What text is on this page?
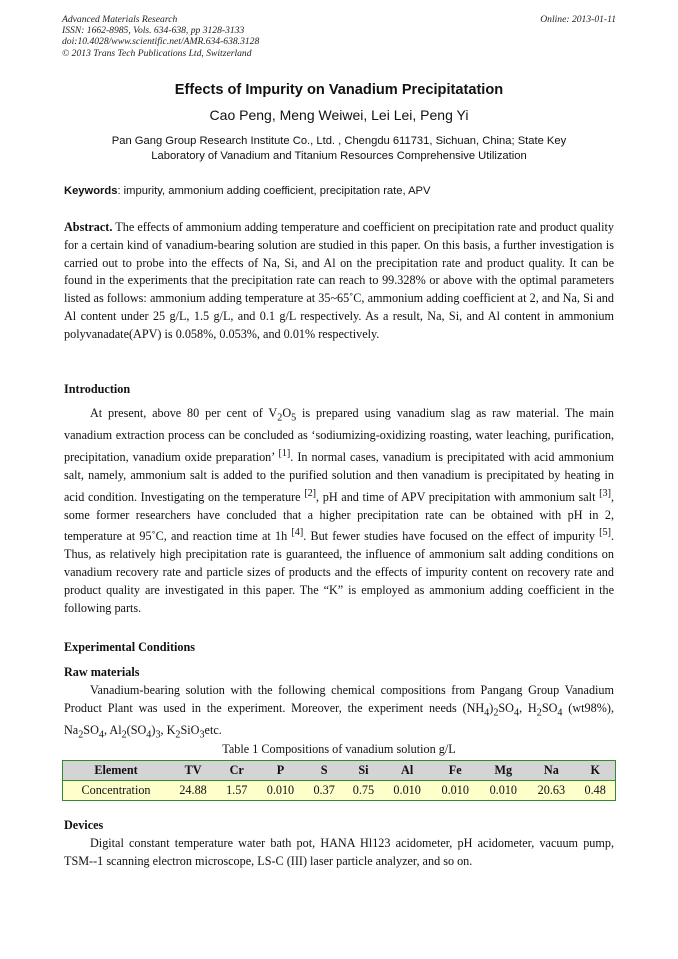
Advanced Materials Research
ISSN: 1662-8985, Vols. 634-638, pp 3128-3133
doi:10.4028/www.scientific.net/AMR.634-638.3128
© 2013 Trans Tech Publications Ltd, Switzerland
Online: 2013-01-11
Effects of Impurity on Vanadium Precipitatation
Cao Peng, Meng Weiwei, Lei Lei, Peng Yi
Pan Gang Group Research Institute Co., Ltd. , Chengdu 611731, Sichuan, China; State Key
Laboratory of Vanadium and Titanium Resources Comprehensive Utilization
Keywords: impurity, ammonium adding coefficient, precipitation rate, APV
Abstract. The effects of ammonium adding temperature and coefficient on precipitation rate and product quality for a certain kind of vanadium-bearing solution are studied in this paper. On this basis, a further investigation is carried out to probe into the effects of Na, Si, and Al on the precipitation rate and product quality. It can be found in the experiments that the precipitation rate can reach to 99.328% or above with the optimal parameters listed as follows: ammonium adding temperature at 35~65˚C, ammonium adding coefficient at 2, and Na, Si and Al content under 25 g/L, 1.5 g/L, and 0.1 g/L respectively. As a result, Na, Si, and Al content in ammonium polyvanadate(APV) is 0.058%, 0.053%, and 0.01% respectively.
Introduction
At present, above 80 per cent of $V_2O_5$ is prepared using vanadium slag as raw material. The main vanadium extraction process can be concluded as ‘sodiumizing-oxidizing roasting, water leaching, purification, precipitation, vanadium oxide preparation’ [1]. In normal cases, vanadium is precipitated with acid ammonium salt, namely, ammonium salt is added to the purified solution and then vanadium is precipitated by heating in acid condition. Investigating on the temperature [2], pH and time of APV precipitation with ammonium salt [3], some former researchers have concluded that a higher precipitation rate can be obtained with pH in 2, temperature at 95˚C, and reaction time at 1h [4]. But fewer studies have focused on the effect of impurity [5]. Thus, as relatively high precipitation rate is guaranteed, the influence of ammonium salt adding conditions on vanadium recovery rate and particle sizes of products and the effects of impurity content on recovery rate and product quality are investigated in this paper. The “K” is employed as ammonium adding coefficient in the following parts.
Experimental Conditions
Raw materials
Vanadium-bearing solution with the following chemical compositions from Pangang Group Vanadium Product Plant was used in the experiment. Moreover, the experiment needs $(NH_4)_2SO_4$, $H_2SO_4$ (wt98%), $Na_2SO_4$, $Al_2(SO_4)_3$, $K_2SiO_3etc$.
Table 1 Compositions of vanadium solution g/L
Element	TV	Cr	P	S	Si	Al	Fe	Mg	Na	K
Concentration	24.88	1.57	0.010	0.37	0.75	0.010	0.010	0.010	20.63	0.48
Devices
Digital constant temperature water bath pot, HANA Hl123 acidometer, pH acidometer, vacuum pump, TSM--1 scanning electron microscope, LS-C (III) laser particle analyzer, and so on.
